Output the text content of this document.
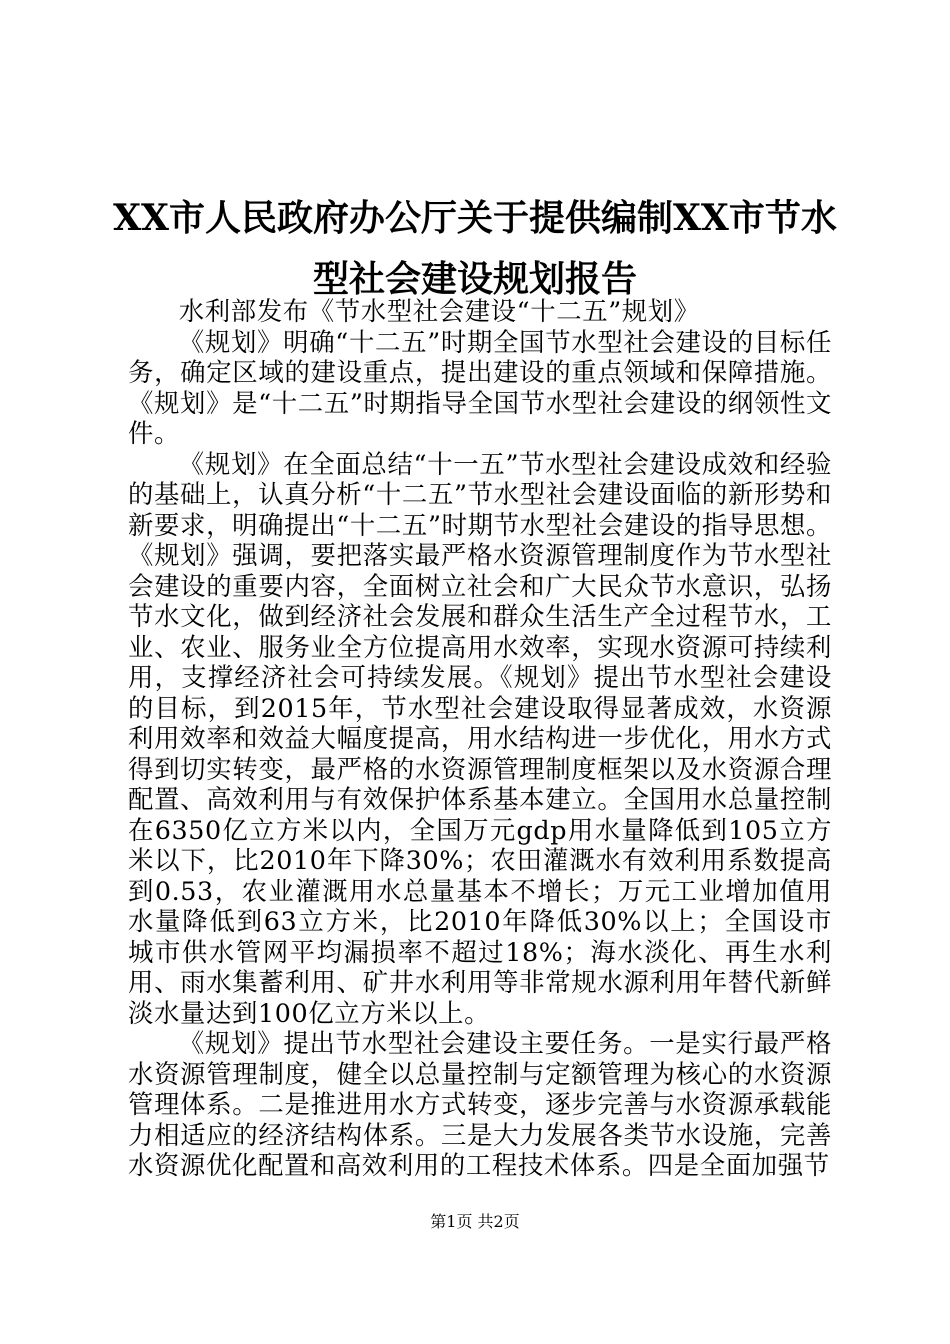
XX市人民政府办公厅关于提供编制XX市节水
型社会建设规划报告

水利部发布《节水型社会建设“十二五”规划》

《规划》明确“十二五”时期全国节水型社会建设的目标任务，确定区域的建设重点，提出建设的重点领域和保障措施。《规划》是“十二五”时期指导全国节水型社会建设的纲领性文件。

《规划》在全面总结“十一五”节水型社会建设成效和经验的基础上，认真分析“十二五”节水型社会建设面临的新形势和新要求，明确提出“十二五”时期节水型社会建设的指导思想。《规划》强调，要把落实最严格水资源管理制度作为节水型社会建设的重要内容，全面树立社会和广大民众节水意识，弘扬节水文化，做到经济社会发展和群众生活生产全过程节水，工业、农业、服务业全方位提高用水效率，实现水资源可持续利用，支撑经济社会可持续发展。《规划》提出节水型社会建设的目标，到2015年，节水型社会建设取得显著成效，水资源利用效率和效益大幅度提高，用水结构进一步优化，用水方式得到切实转变，最严格的水资源管理制度框架以及水资源合理配置、高效利用与有效保护体系基本建立。全国用水总量控制在6350亿立方米以内，全国万元gdp用水量降低到105立方米以下，比2010年下降30%；农田灌溉水有效利用系数提高到0.53，农业灌溉用水总量基本不增长；万元工业增加值用水量降低到63立方米，比2010年降低30%以上；全国设市城市供水管网平均漏损率不超过18%；海水淡化、再生水利用、雨水集蓄利用、矿井水利用等非常规水源利用年替代新鲜淡水量达到100亿立方米以上。

《规划》提出节水型社会建设主要任务。一是实行最严格水资源管理制度，健全以总量控制与定额管理为核心的水资源管理体系。二是推进用水方式转变，逐步完善与水资源承载能力相适应的经济结构体系。三是大力发展各类节水设施，完善水资源优化配置和高效利用的工程技术体系。四是全面加强节

第1页 共2页
